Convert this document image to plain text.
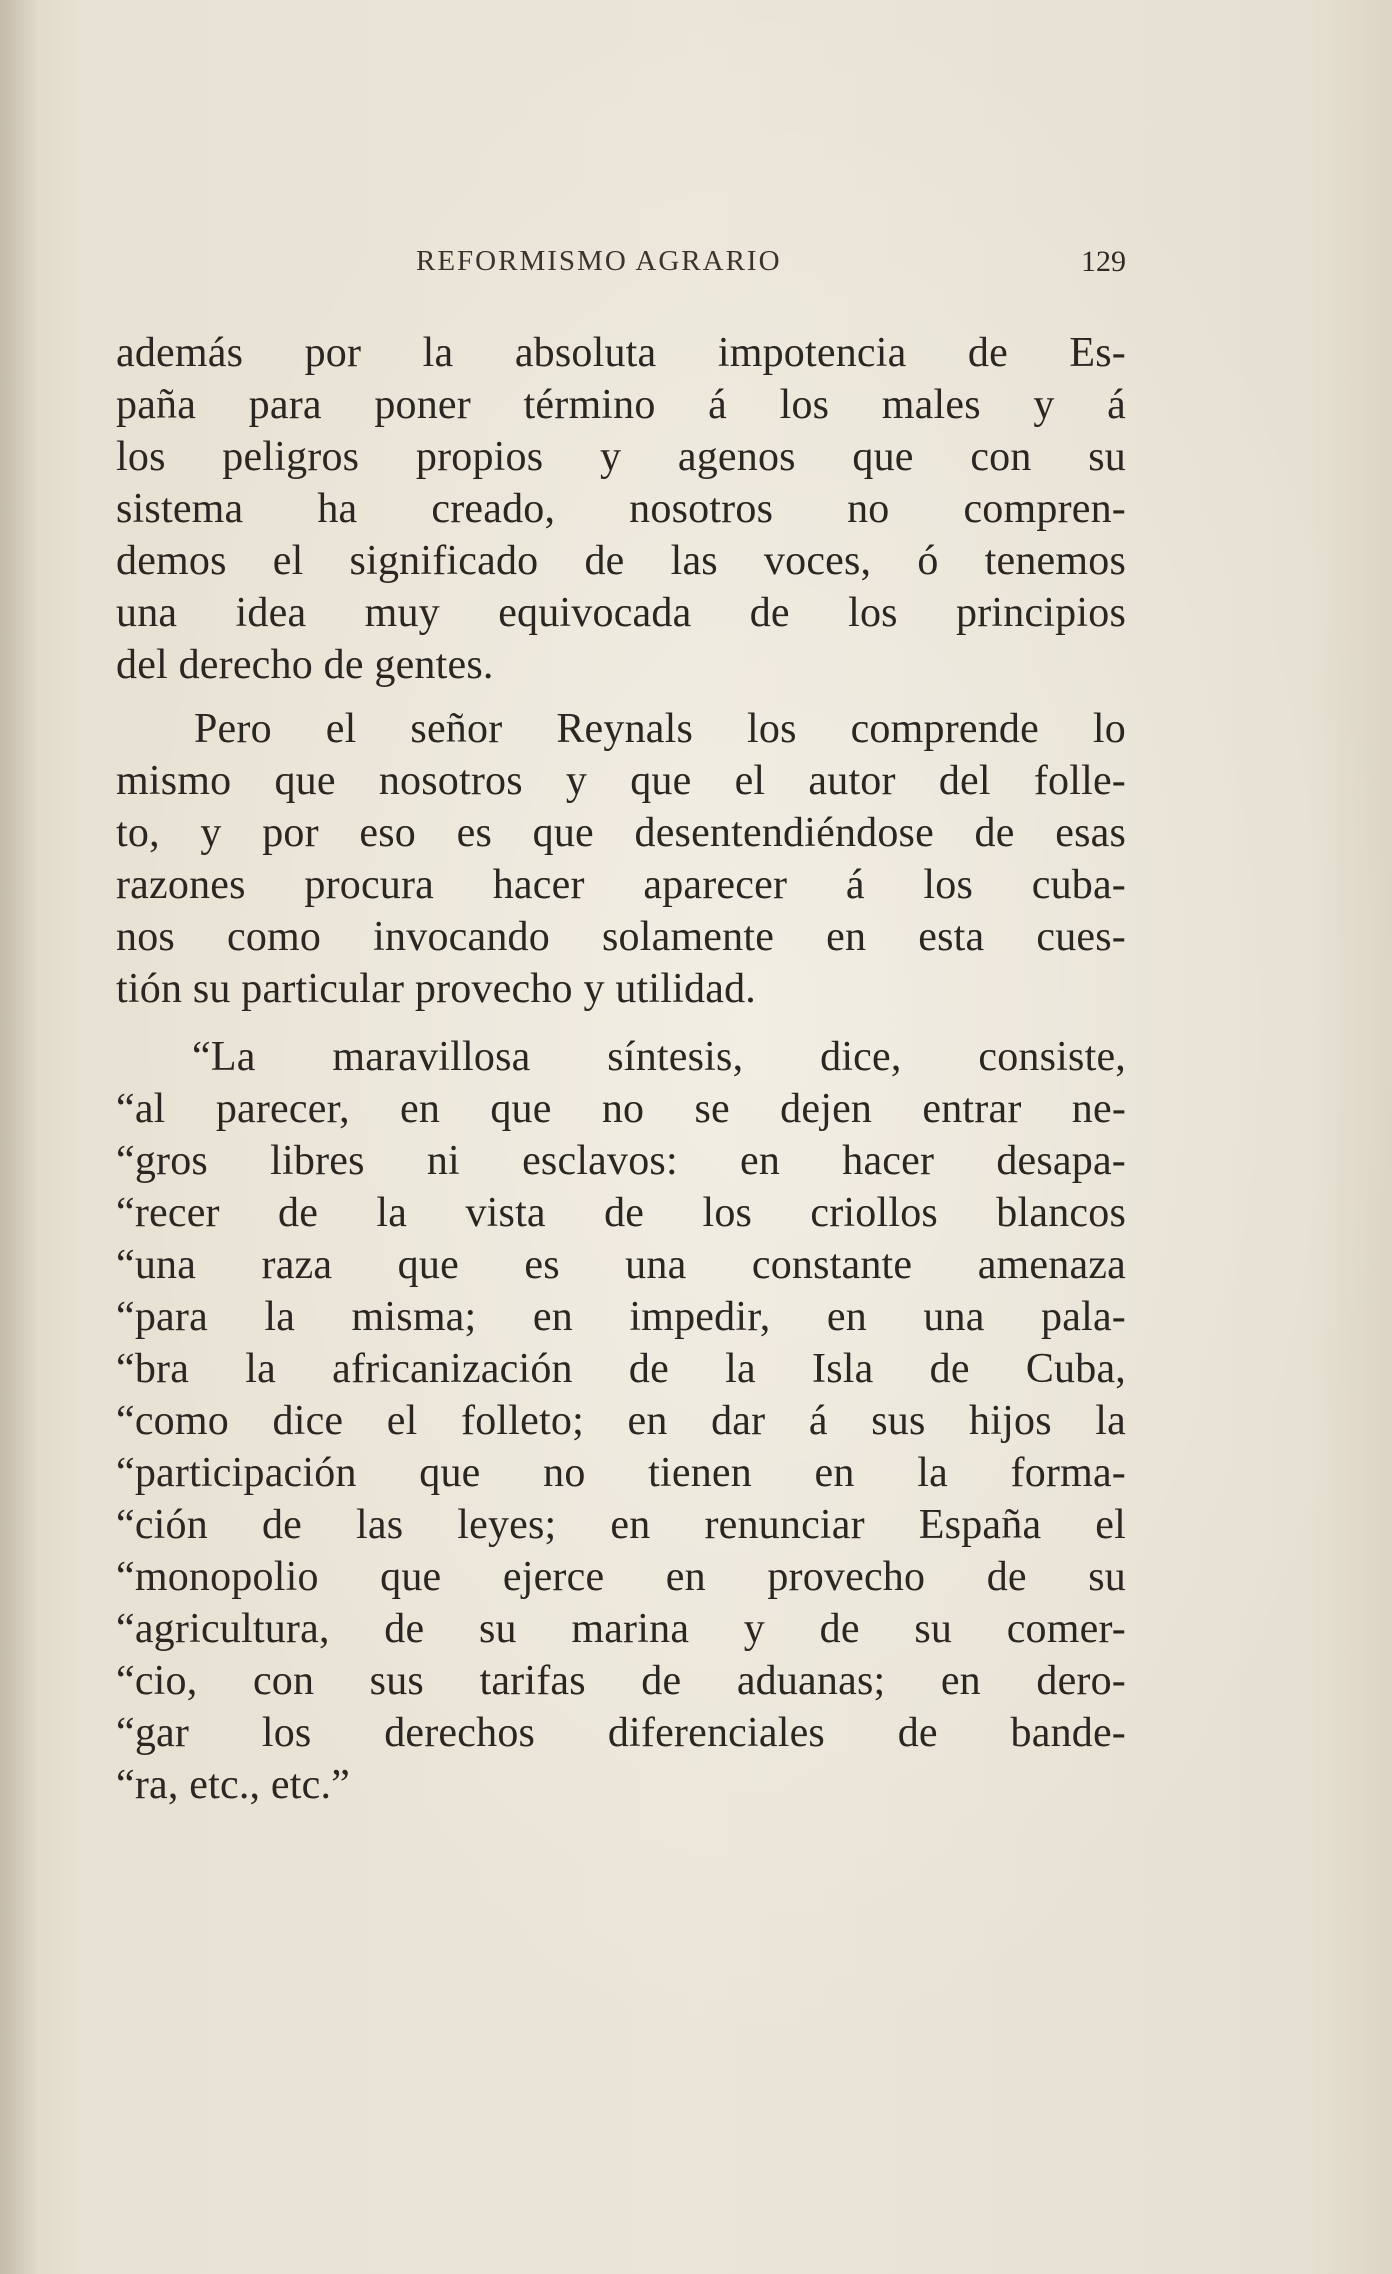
REFORMISMO AGRARIO	129
además por la absoluta impotencia de Es-
paña para poner término á los males y á
los peligros propios y agenos que con su
sistema ha creado, nosotros no compren-
demos el significado de las voces, ó tenemos
una idea muy equivocada de los principios
del derecho de gentes.
Pero el señor Reynals los comprende lo
mismo que nosotros y que el autor del folle-
to, y por eso es que desentendiéndose de esas
razones procura hacer aparecer á los cuba-
nos como invocando solamente en esta cues-
tión su particular provecho y utilidad.
“La maravillosa síntesis, dice, consiste,
“al parecer, en que no se dejen entrar ne-
“gros libres ni esclavos: en hacer desapa-
“recer de la vista de los criollos blancos
“una raza que es una constante amenaza
“para la misma; en impedir, en una pala-
“bra la africanización de la Isla de Cuba,
“como dice el folleto; en dar á sus hijos la
“participación que no tienen en la forma-
“ción de las leyes; en renunciar España el
“monopolio que ejerce en provecho de su
“agricultura, de su marina y de su comer-
“cio, con sus tarifas de aduanas; en dero-
“gar los derechos diferenciales de bande-
“ra, etc., etc.”
